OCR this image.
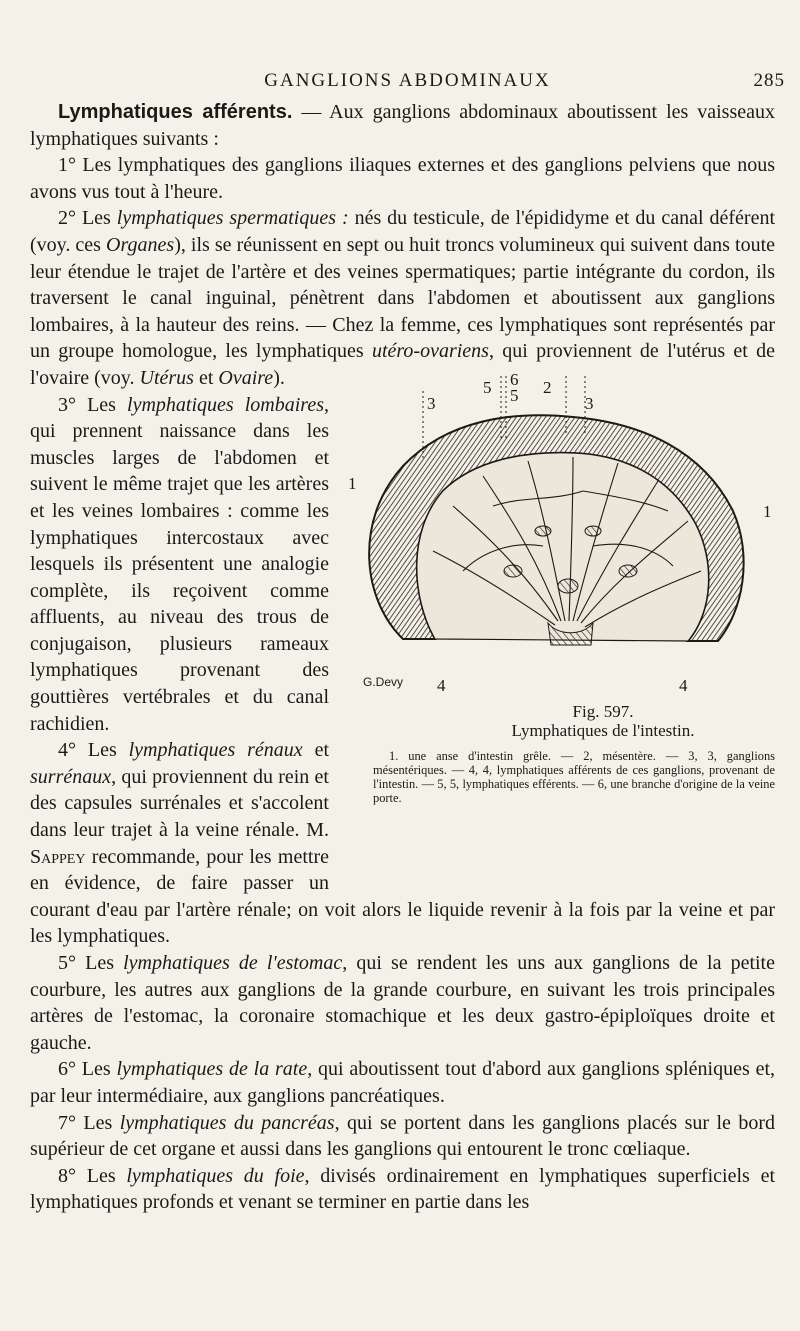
GANGLIONS ABDOMINAUX	285

Lymphatiques afférents. — Aux ganglions abdominaux aboutissent les vaisseaux lymphatiques suivants :

1° Les lymphatiques des ganglions iliaques externes et des ganglions pelviens que nous avons vus tout à l'heure.

2° Les lymphatiques spermatiques : nés du testicule, de l'épididyme et du canal déférent (voy. ces Organes), ils se réunissent en sept ou huit troncs volumineux qui suivent dans toute leur étendue le trajet de l'artère et des veines spermatiques; partie intégrante du cordon, ils traversent le canal inguinal, pénètrent dans l'abdomen et aboutissent aux ganglions lombaires, à la hauteur des reins. — Chez la femme, ces lymphatiques sont représentés par un groupe homologue, les lymphatiques
5 6
5 2
3	3
1
1
4	4
G.Devy
Fig. 597.
Lymphatiques de l'intestin.
1. une anse d'intestin grêle. — 2, mésentère. — 3, 3, ganglions mésentériques. — 4, 4, lymphatiques afférents de ces ganglions, provenant de l'intestin. — 5, 5, lymphatiques efférents. — 6, une branche d'origine de la veine porte.
utéro-ovariens, qui proviennent de l'utérus et de l'ovaire (voy. Utérus et Ovaire).

3° Les lymphatiques lombaires, qui prennent naissance dans les muscles larges de l'abdomen et suivent le même trajet que les artères et les veines lombaires : comme les lymphatiques intercostaux avec lesquels ils présentent une analogie complète, ils reçoivent comme affluents, au niveau des trous de conjugaison, plusieurs rameaux lymphatiques provenant des gouttières vertébrales et du canal rachidien.

4° Les lymphatiques rénaux et surrénaux, qui proviennent du rein et des capsules surrénales et s'accolent dans leur trajet à la veine rénale. M. Sappey recommande, pour les mettre en évidence, de faire passer un courant d'eau par l'artère rénale; on voit alors le liquide revenir à la fois par la veine et par les lymphatiques.

5° Les lymphatiques de l'estomac, qui se rendent les uns aux ganglions de la petite courbure, les autres aux ganglions de la grande courbure, en suivant les trois principales artères de l'estomac, la coronaire stomachique et les deux gastro-épiploïques droite et gauche.

6° Les lymphatiques de la rate, qui aboutissent tout d'abord aux ganglions spléniques et, par leur intermédiaire, aux ganglions pancréatiques.

7° Les lymphatiques du pancréas, qui se portent dans les ganglions placés sur le bord supérieur de cet organe et aussi dans les ganglions qui entourent le tronc cœliaque.

8° Les lymphatiques du foie, divisés ordinairement en lymphatiques superficiels et lymphatiques profonds et venant se terminer en partie dans les
